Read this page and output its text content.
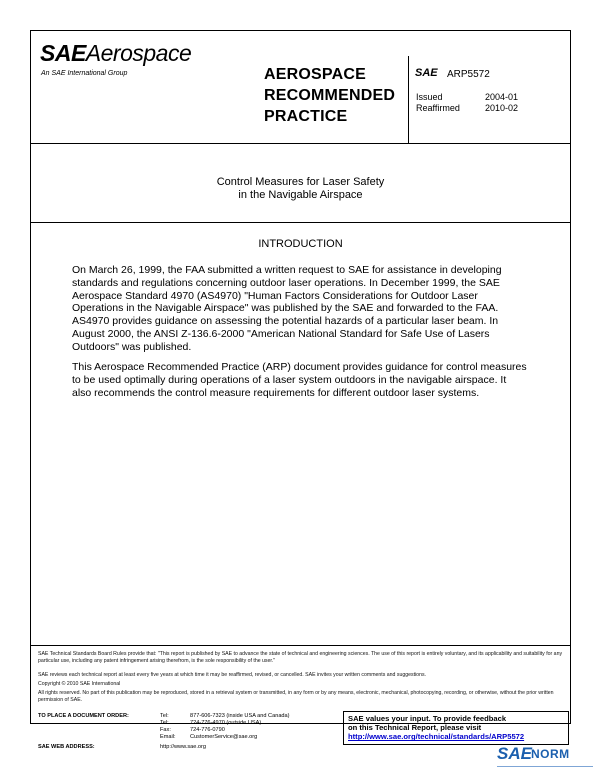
SAEAerospace
An SAE International Group	AEROSPACE
RECOMMENDED
PRACTICE
SAE ARP5572
Issued	2004-01
Reaffirmed	2010-02
Control Measures for Laser Safety
in the Navigable Airspace
INTRODUCTION
On March 26, 1999, the FAA submitted a written request to SAE for assistance in developing standards and regulations concerning outdoor laser operations. In December 1999, the SAE Aerospace Standard 4970 (AS4970) "Human Factors Considerations for Outdoor Laser Operations in the Navigable Airspace" was published by the SAE and forwarded to the FAA. AS4970 provides guidance on assessing the potential hazards of a particular laser beam. In August 2000, the ANSI Z-136.6-2000 "American National Standard for Safe Use of Lasers Outdoors" was published.
This Aerospace Recommended Practice (ARP) document provides guidance for control measures to be used optimally during operations of a laser system outdoors in the navigable airspace. It also recommends the control measure requirements for different outdoor laser systems.
SAE Technical Standards Board Rules provide that: "This report is published by SAE to advance the state of technical and engineering sciences. The use of this report is entirely voluntary, and its applicability and suitability for any particular use, including any patent infringement arising therefrom, is the sole responsibility of the user."
SAE reviews each technical report at least every five years at which time it may be reaffirmed, revised, or cancelled. SAE invites your written comments and suggestions.
Copyright © 2010 SAE International
All rights reserved. No part of this publication may be reproduced, stored in a retrieval system or transmitted, in any form or by any means, electronic, mechanical, photocopying, recording, or otherwise, without the prior written permission of SAE.
TO PLACE A DOCUMENT ORDER:	Tel:	877-606-7323 (inside USA and Canada)
Tel:	724-776-4970 (outside USA)
Fax:	724-776-0790
Email:	CustomerService@sae.org
SAE WEB ADDRESS:	http://www.sae.org
SAE values your input. To provide feedback
on this Technical Report, please visit
http://www.sae.org/technical/standards/ARP5572
SAE NORM
